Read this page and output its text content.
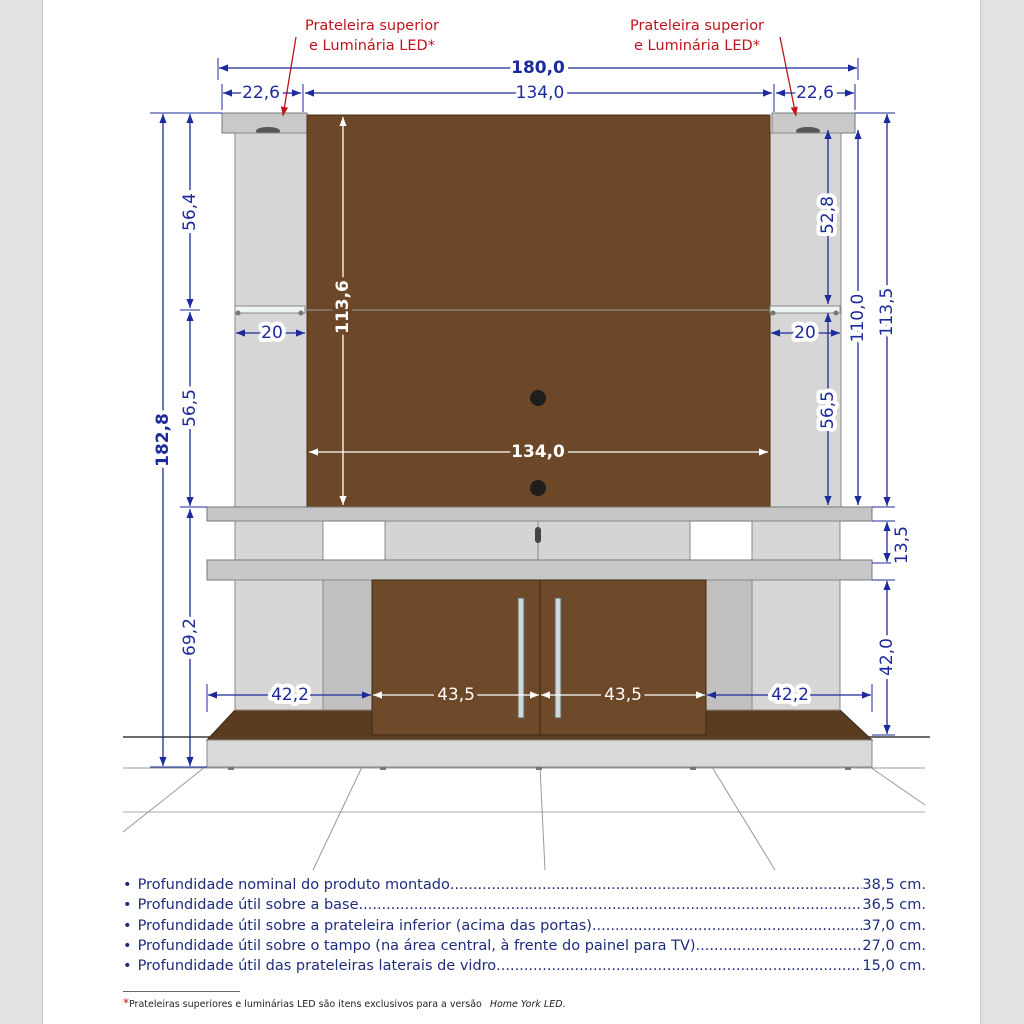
Prateleira superior
e Luminária LED*
Prateleira superior
e Luminária LED*
180,0
22,6	134,0	22,6
182,8
56,4
56,5
69,2
20	20
52,8
56,5
110,0 113,5
13,5
42,0
113,6
134,0
42,2	43,5	43,5	42,2
• Profundidade nominal do produto montado .....	38,5 cm.
• Profundidade útil sobre a base .....	36,5 cm.
• Profundidade útil sobre a prateleira inferior (acima das portas) .....	37,0 cm.
• Profundidade útil sobre o tampo (na área central, à frente do painel para TV) .....	27,0 cm.
• Profundidade útil das prateleiras laterais de vidro .....	15,0 cm.
*Prateleiras superiores e luminárias LED são itens exclusivos para a versão Home York LED.
